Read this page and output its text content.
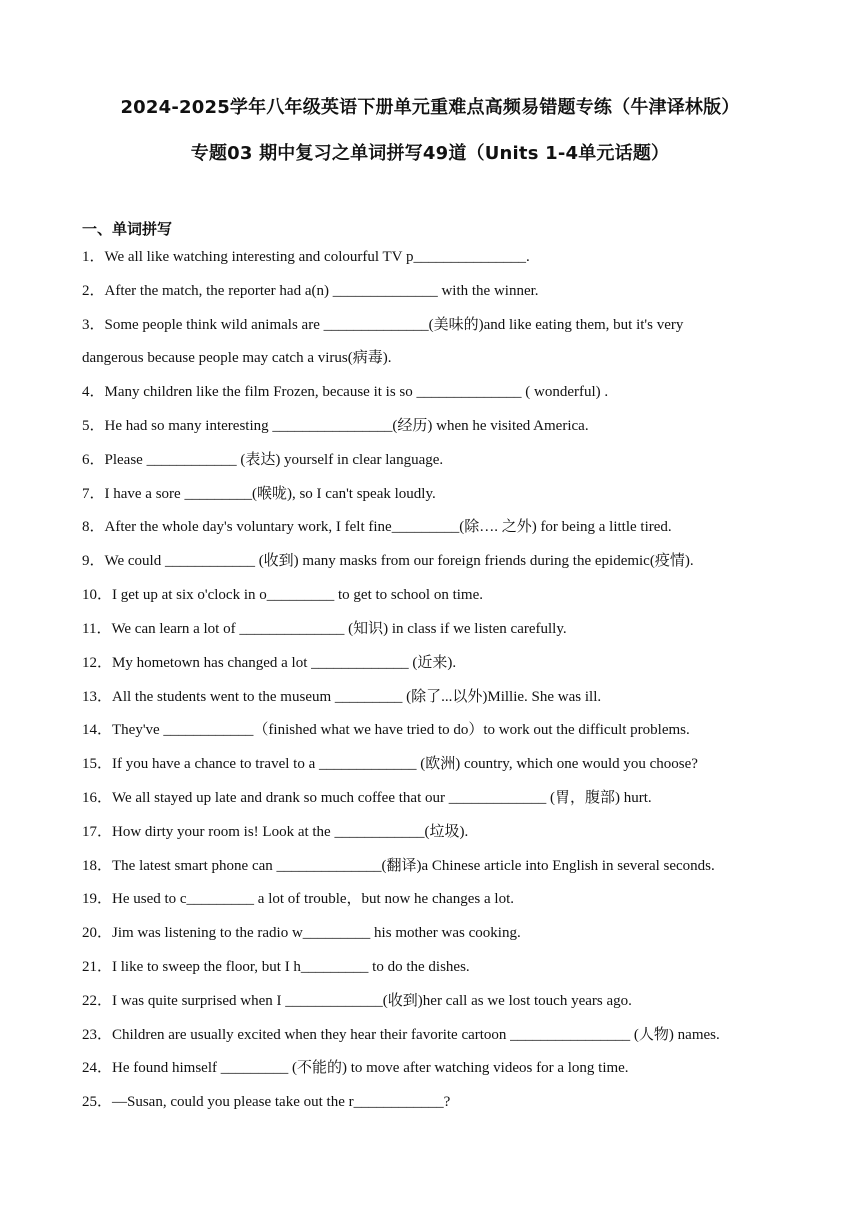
2024-2025学年八年级英语下册单元重难点高频易错题专练（牛津译林版）
专题03 期中复习之单词拼写49道（Units 1-4单元话题）
一、单词拼写
1．We all like watching interesting and colourful TV p_______________.
2．After the match, the reporter had a(n) ______________ with the winner.
3．Some people think wild animals are ______________(美味的)and like eating them, but it's very
dangerous because people may catch a virus(病毒).
4．Many children like the film Frozen, because it is so ______________ ( wonderful) .
5．He had so many interesting ________________(经历) when he visited America.
6．Please ____________ (表达) yourself in clear language.
7．I have a sore _________(喉咙), so I can't speak loudly.
8．After the whole day's voluntary work, I felt fine_________(除…. 之外) for being a little tired.
9．We could ____________ (收到) many masks from our foreign friends during the epidemic(疫情).
10．I get up at six o'clock in o_________ to get to school on time.
11．We can learn a lot of ______________ (知识) in class if we listen carefully.
12．My hometown has changed a lot _____________ (近来).
13．All the students went to the museum _________ (除了...以外)Millie. She was ill.
14．They've ____________（finished what we have tried to do）to work out the difficult problems.
15．If you have a chance to travel to a _____________ (欧洲) country, which one would you choose?
16．We all stayed up late and drank so much coffee that our _____________ (胃，腹部) hurt.
17．How dirty your room is! Look at the ____________(垃圾).
18．The latest smart phone can ______________(翻译)a Chinese article into English in several seconds.
19．He used to c_________ a lot of trouble，but now he changes a lot.
20．Jim was listening to the radio w_________ his mother was cooking.
21．I like to sweep the floor, but I h_________ to do the dishes.
22．I was quite surprised when I _____________(收到)her call as we lost touch years ago.
23．Children are usually excited when they hear their favorite cartoon ________________ (人物) names.
24．He found himself _________ (不能的) to move after watching videos for a long time.
25．—Susan, could you please take out the r____________?
